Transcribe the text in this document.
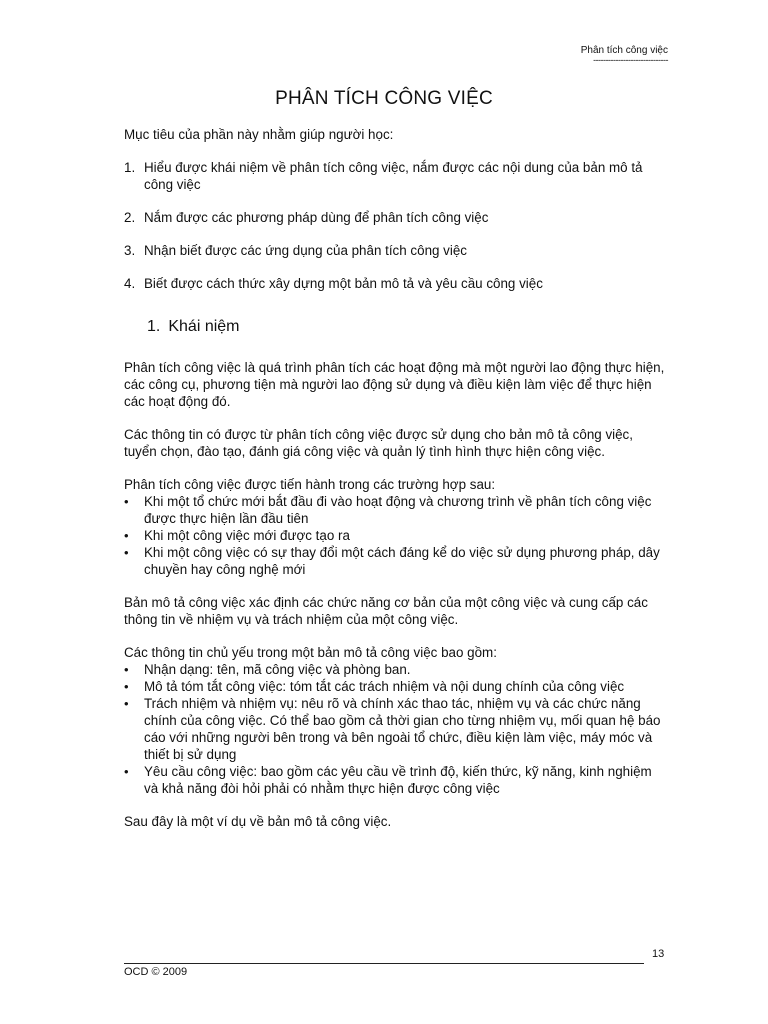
Phân tích công việc
------------------------------
PHÂN TÍCH CÔNG VIỆC

Mục tiêu của phần này nhằm giúp người học:

1. Hiểu được khái niệm về phân tích công việc, nắm được các nội dung của bản mô tả công việc
2. Nắm được các phương pháp dùng để phân tích công việc
3. Nhận biết được các ứng dụng của phân tích công việc
4. Biết được cách thức xây dựng một bản mô tả và yêu cầu công việc

1. Khái niệm

Phân tích công việc là quá trình phân tích các hoạt động mà một người lao động thực hiện, các công cụ, phương tiện mà người lao động sử dụng và điều kiện làm việc để thực hiện các hoạt động đó.

Các thông tin có được từ phân tích công việc được sử dụng cho bản mô tả công việc, tuyển chọn, đào tạo, đánh giá công việc và quản lý tình hình thực hiện công việc.

Phân tích công việc được tiến hành trong các trường hợp sau:

• Khi một tổ chức mới bắt đầu đi vào hoạt động và chương trình về phân tích công việc được thực hiện lần đầu tiên
• Khi một công việc mới được tạo ra
• Khi một công việc có sự thay đổi một cách đáng kể do việc sử dụng phương pháp, dây chuyền hay công nghệ mới

Bản mô tả công việc xác định các chức năng cơ bản của một công việc và cung cấp các thông tin về nhiệm vụ và trách nhiệm của một công việc.

Các thông tin chủ yếu trong một bản mô tả công việc bao gồm:

• Nhận dạng: tên, mã công việc và phòng ban.
• Mô tả tóm tắt công việc: tóm tắt các trách nhiệm và nội dung chính của công việc
• Trách nhiệm và nhiệm vụ: nêu rõ và chính xác thao tác, nhiệm vụ và các chức năng chính của công việc. Có thể bao gồm cả thời gian cho từng nhiệm vụ, mối quan hệ báo cáo với những người bên trong và bên ngoài tổ chức, điều kiện làm việc, máy móc và thiết bị sử dụng
• Yêu cầu công việc: bao gồm các yêu cầu về trình độ, kiến thức, kỹ năng, kinh nghiệm và khả năng đòi hỏi phải có nhằm thực hiện được công việc

Sau đây là một ví dụ về bản mô tả công việc.

13
OCD © 2009
